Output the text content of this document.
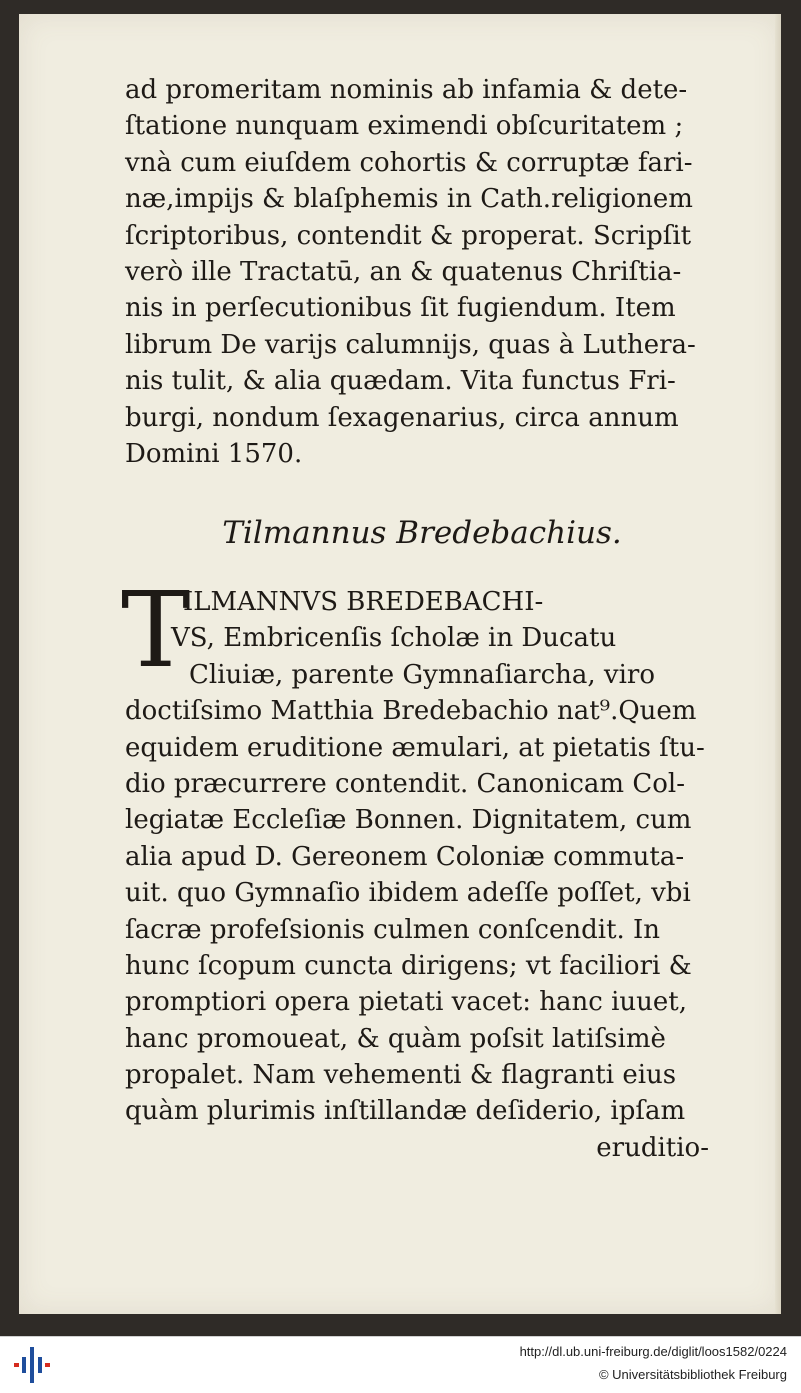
ad promeritam nominis ab infamia & dete-
ſtatione nunquam eximendi obſcuritatem ;
vnà cum eiuſdem cohortis & corruptæ fari-
næ,impijs & blaſphemis in Cath.religionem
ſcriptoribus, contendit & properat. Scripſit
verò ille Tractatū, an & quatenus Chriſtia-
nis in perſecutionibus ſit fugiendum. Item
librum De varijs calumnijs, quas à Luthera-
nis tulit, & alia quædam. Vita functus Fri-
burgi, nondum ſexagenarius, circa annum
Domini 1570.
Tilmannus Bredebachius.
T
ILMANNVS BREDEBACHI-
VS, Embricenſis ſcholæ in Ducatu
Cliuiæ, parente Gymnaſiarcha, viro
doctiſsimo Matthia Bredebachio nat⁹.Quem
equidem eruditione æmulari, at pietatis ſtu-
dio præcurrere contendit. Canonicam Col-
legiatæ Eccleſiæ Bonnen. Dignitatem, cum
alia apud D. Gereonem Coloniæ commuta-
uit. quo Gymnaſio ibidem adeſſe poſſet, vbi
ſacræ profeſsionis culmen conſcendit. In
hunc ſcopum cuncta dirigens; vt faciliori &
promptiori opera pietati vacet: hanc iuuet,
hanc promoueat, & quàm poſsit latiſsimè
propalet. Nam vehementi & flagranti eius
quàm plurimis inſtillandæ deſiderio, ipſam
eruditio-
http://dl.ub.uni-freiburg.de/diglit/loos1582/0224
© Universitätsbibliothek Freiburg
